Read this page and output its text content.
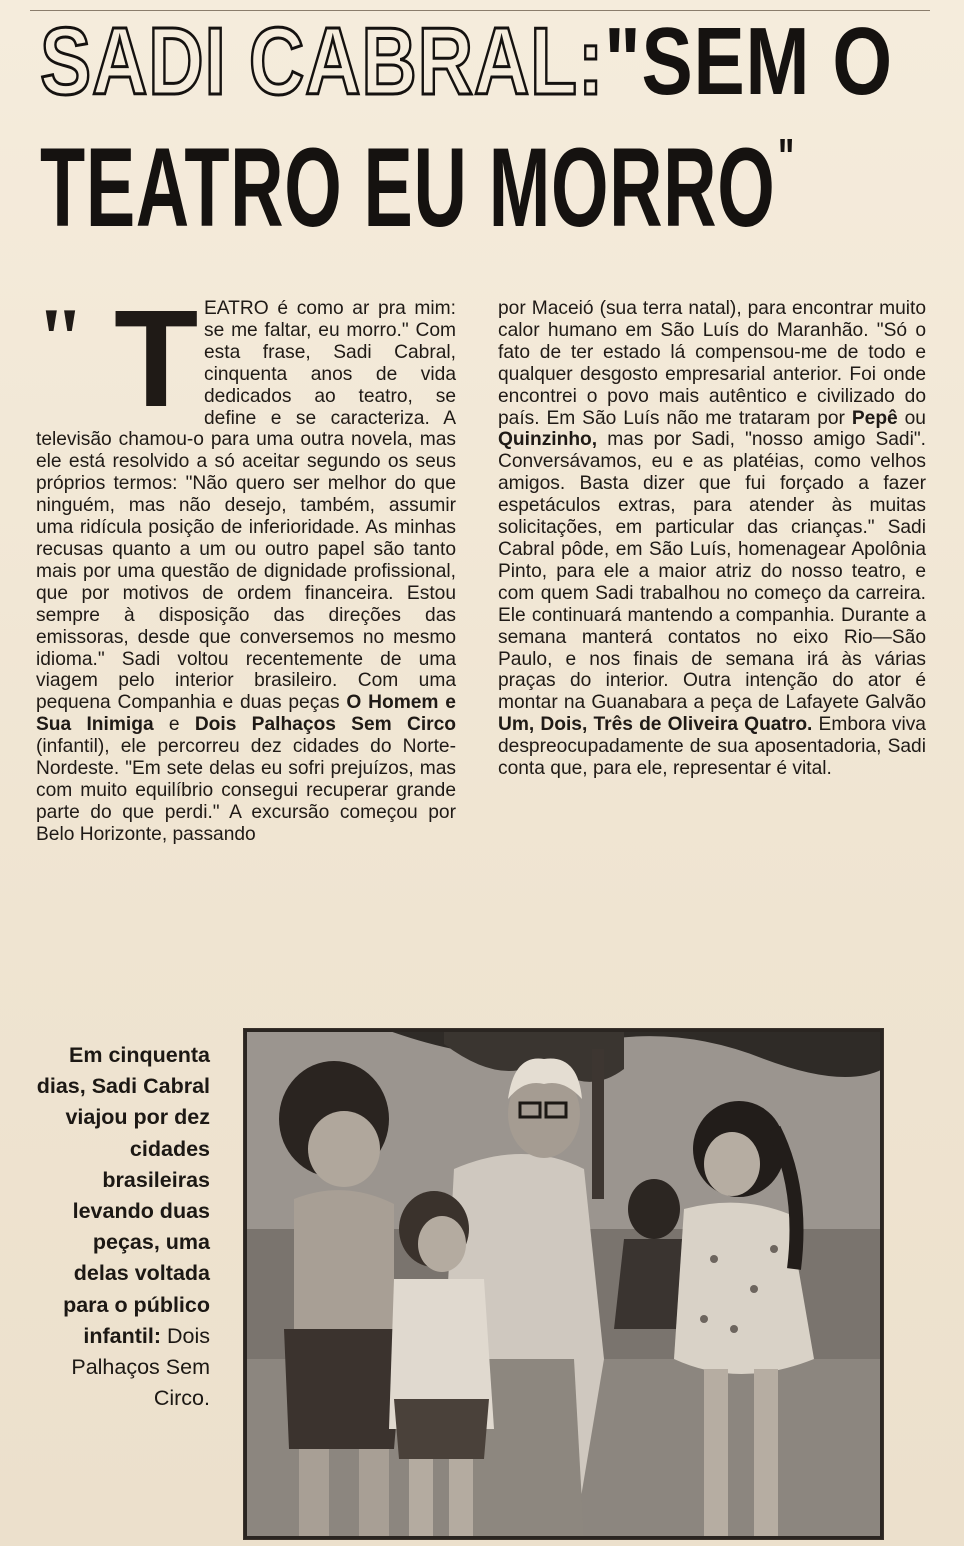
SADI CABRAL:"SEM O
TEATRO EU MORRO"
" T EATRO é como ar pra mim: se me faltar, eu morro." Com esta frase, Sadi Cabral, cinquenta anos de vida dedicados ao teatro, se define e se caracteriza. A televisão chamou-o para uma outra novela, mas ele está resolvido a só aceitar segundo os seus próprios termos: "Não quero ser melhor do que ninguém, mas não desejo, também, assumir uma ridícula posição de inferioridade. As minhas recusas quanto a um ou outro papel são tanto mais por uma questão de dignidade profissional, que por motivos de ordem financeira. Estou sempre à disposição das direções das emissoras, desde que conversemos no mesmo idioma." Sadi voltou recentemente de uma viagem pelo interior brasileiro. Com uma pequena Companhia e duas peças O Homem e Sua Inimiga e Dois Palhaços Sem Circo (infantil), ele percorreu dez cidades do Norte-Nordeste. "Em sete delas eu sofri prejuízos, mas com muito equilíbrio consegui recuperar grande parte do que perdi." A excursão começou por Belo Horizonte, passando

por Maceió (sua terra natal), para encontrar muito calor humano em São Luís do Maranhão. "Só o fato de ter estado lá compensou-me de todo e qualquer desgosto empresarial anterior. Foi onde encontrei o povo mais autêntico e civilizado do país. Em São Luís não me trataram por Pepê ou Quinzinho, mas por Sadi, "nosso amigo Sadi". Conversávamos, eu e as platéias, como velhos amigos. Basta dizer que fui forçado a fazer espetáculos extras, para atender às muitas solicitações, em particular das crianças." Sadi Cabral pôde, em São Luís, homenagear Apolônia Pinto, para ele a maior atriz do nosso teatro, e com quem Sadi trabalhou no começo da carreira. Ele continuará mantendo a companhia. Durante a semana manterá contatos no eixo Rio—São Paulo, e nos finais de semana irá às várias praças do interior. Outra intenção do ator é montar na Guanabara a peça de Lafayete Galvão Um, Dois, Três de Oliveira Quatro. Embora viva despreocupadamente de sua aposentadoria, Sadi conta que, para ele, representar é vital.

Em cinquenta dias, Sadi Cabral viajou por dez cidades brasileiras levando duas peças, uma delas voltada para o público infantil: Dois Palhaços Sem Circo.
